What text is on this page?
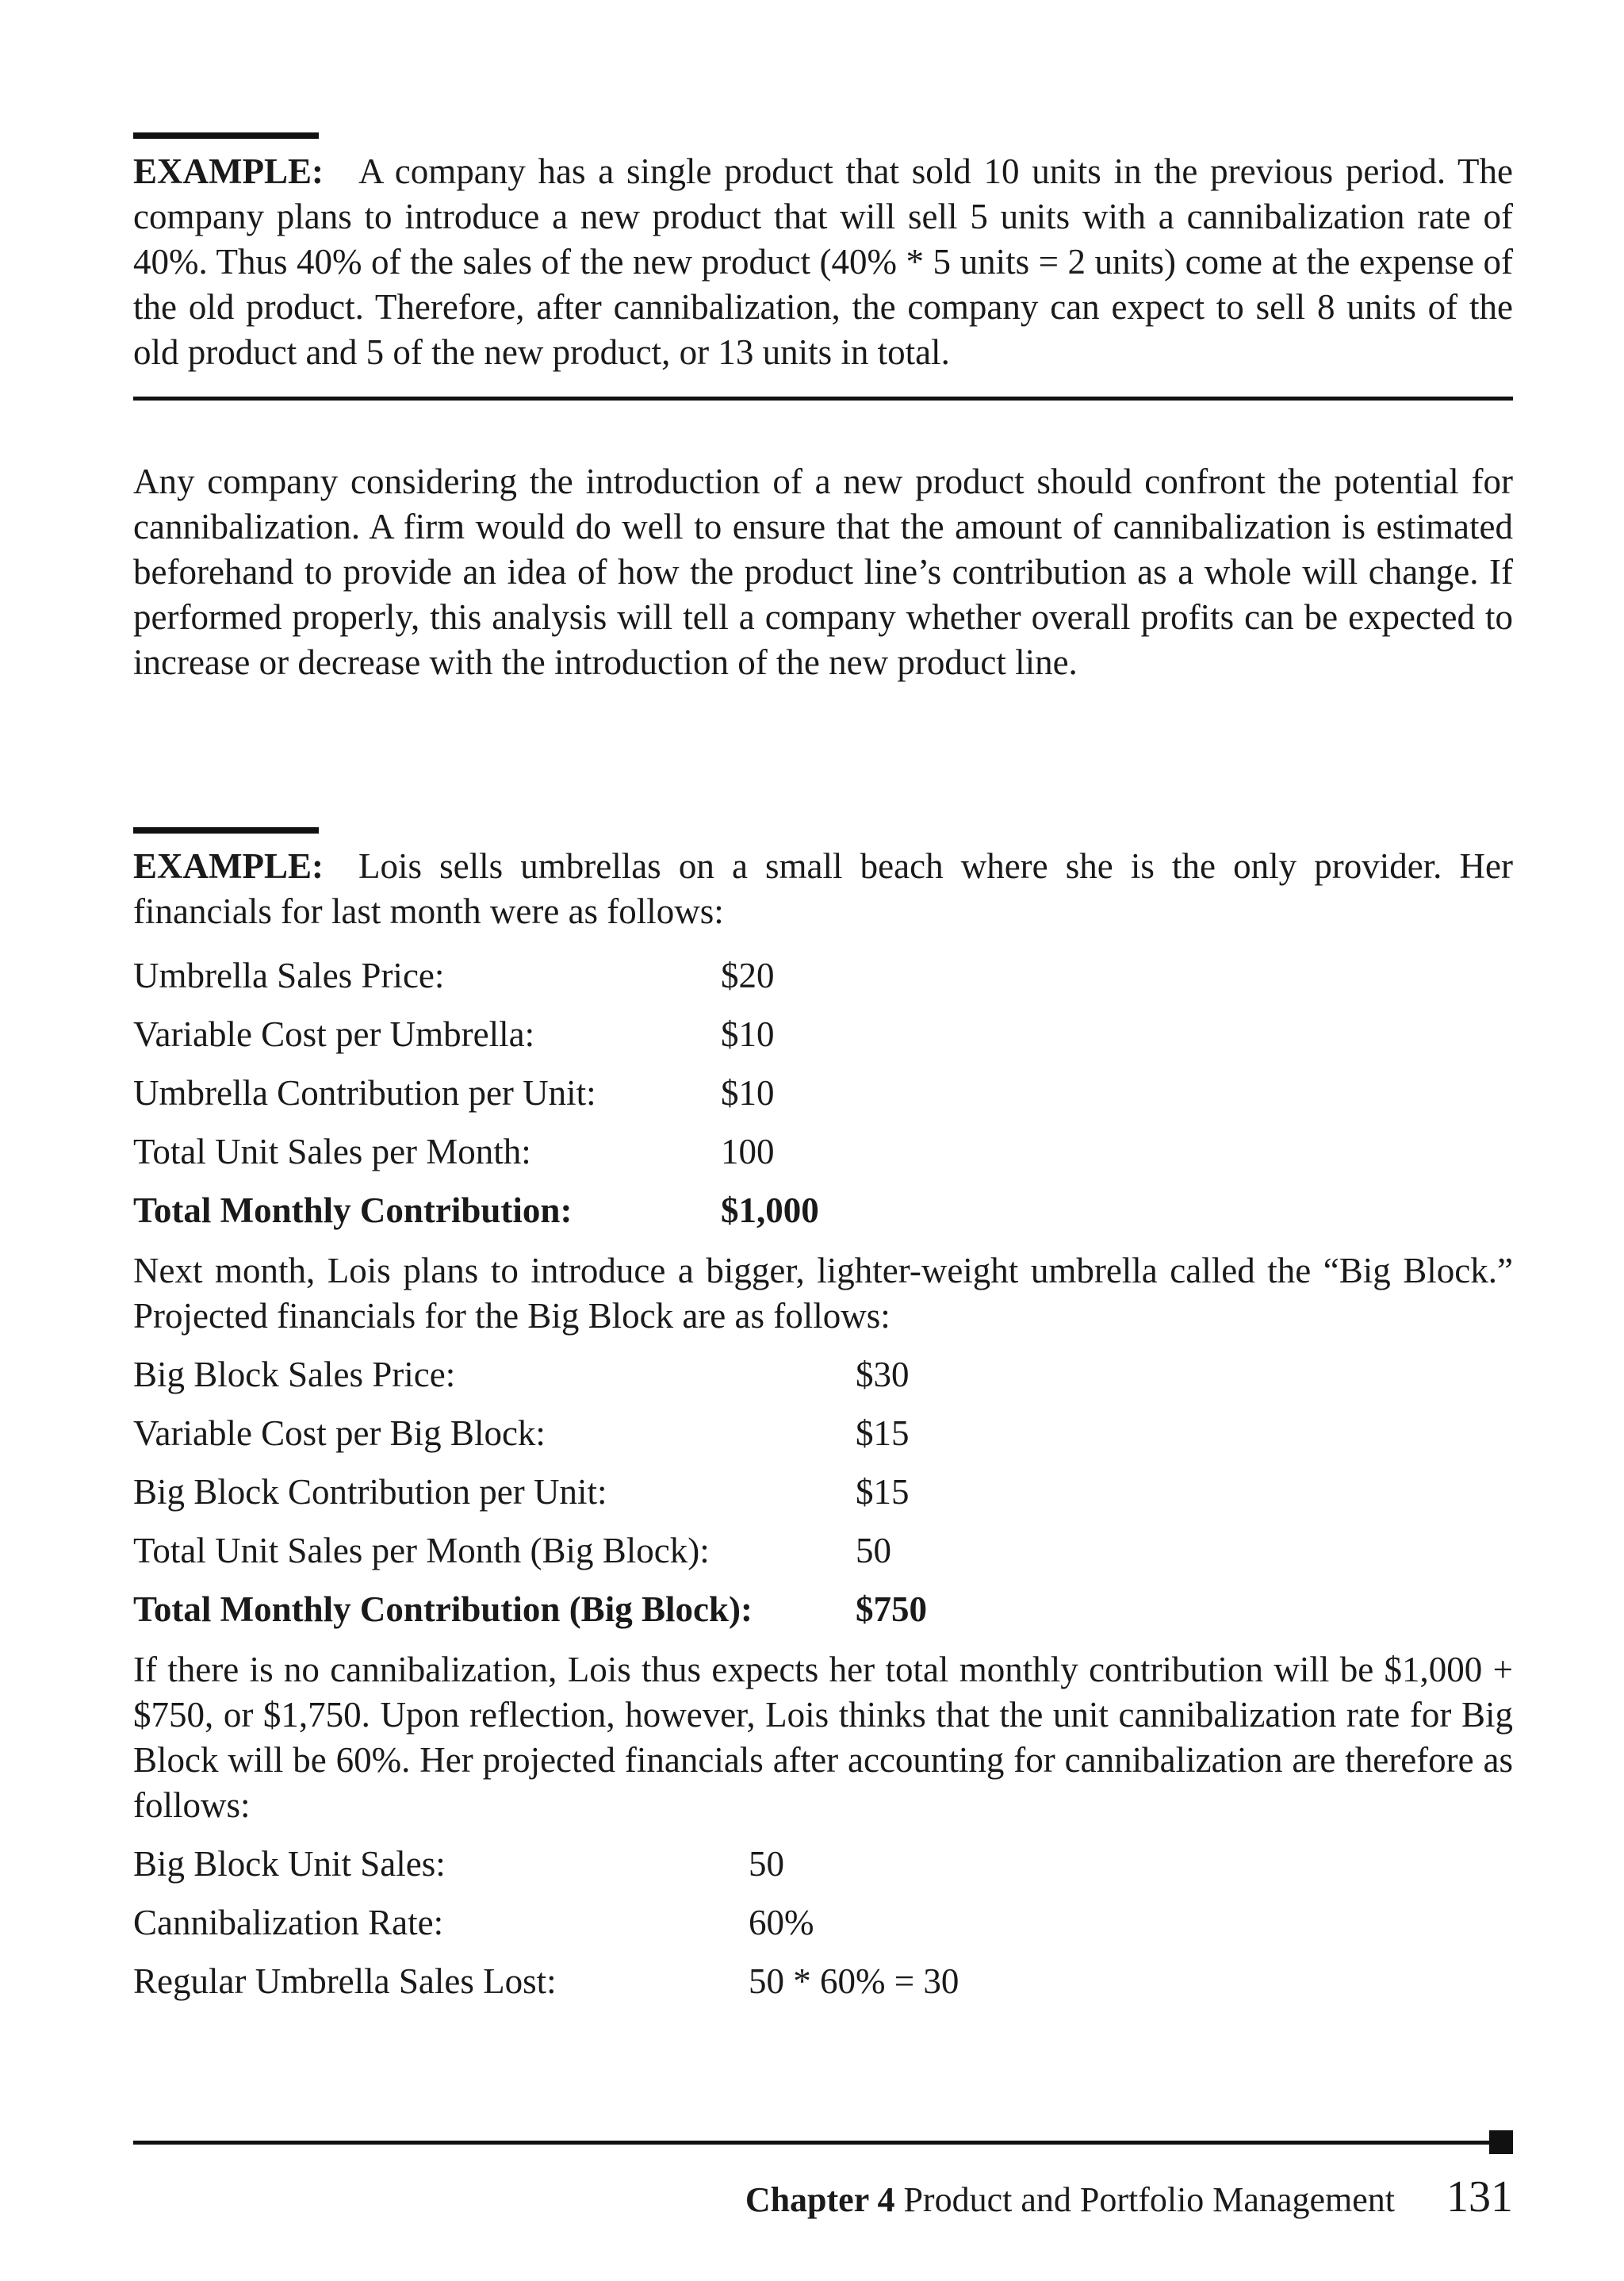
EXAMPLE: A company has a single product that sold 10 units in the previous period. The company plans to introduce a new product that will sell 5 units with a cannibalization rate of 40%. Thus 40% of the sales of the new product (40% * 5 units = 2 units) come at the expense of the old product. Therefore, after cannibalization, the company can expect to sell 8 units of the old product and 5 of the new product, or 13 units in total.

Any company considering the introduction of a new product should confront the potential for cannibalization. A firm would do well to ensure that the amount of cannibalization is estimated beforehand to provide an idea of how the product line’s contribution as a whole will change. If performed properly, this analysis will tell a company whether overall profits can be expected to increase or decrease with the introduction of the new product line.

EXAMPLE: Lois sells umbrellas on a small beach where she is the only provider. Her financials for last month were as follows:

Umbrella Sales Price:	$20
Variable Cost per Umbrella:	$10
Umbrella Contribution per Unit:	$10
Total Unit Sales per Month:	100
Total Monthly Contribution:	$1,000

Next month, Lois plans to introduce a bigger, lighter-weight umbrella called the “Big Block.” Projected financials for the Big Block are as follows:

Big Block Sales Price:	$30
Variable Cost per Big Block:	$15
Big Block Contribution per Unit:	$15
Total Unit Sales per Month (Big Block):	50
Total Monthly Contribution (Big Block):	$750

If there is no cannibalization, Lois thus expects her total monthly contribution will be $1,000 + $750, or $1,750. Upon reflection, however, Lois thinks that the unit cannibalization rate for Big Block will be 60%. Her projected financials after accounting for cannibalization are therefore as follows:

Big Block Unit Sales:	50
Cannibalization Rate:	60%
Regular Umbrella Sales Lost:	50 * 60% = 30
Chapter 4 Product and Portfolio Management 131
